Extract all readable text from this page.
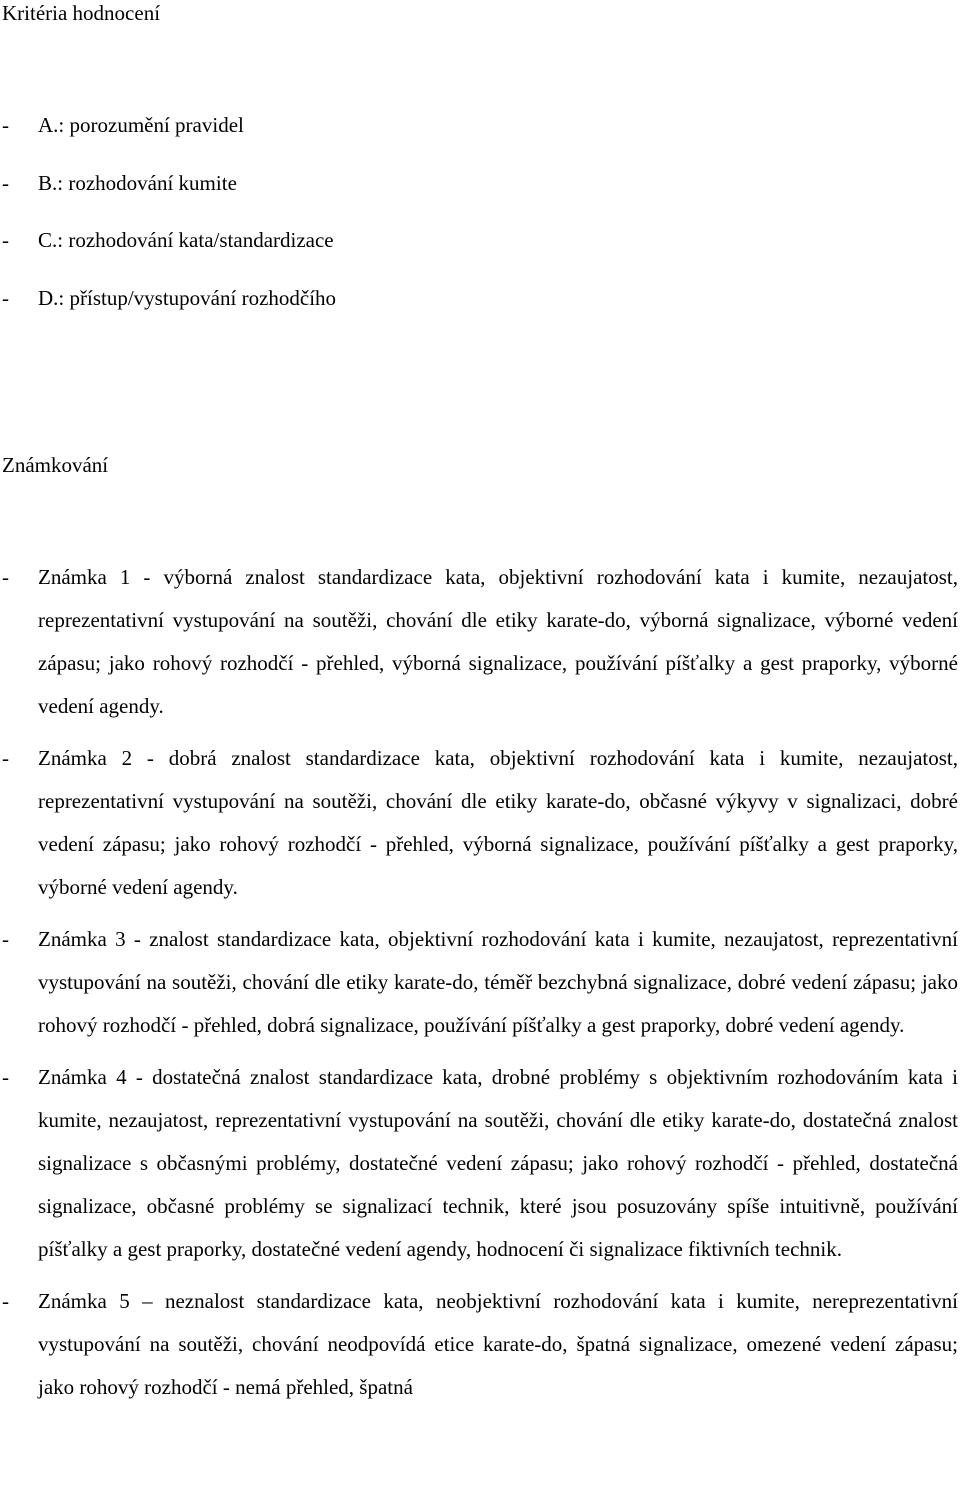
Kritéria hodnocení
-	A.: porozumění pravidel
-	B.: rozhodování kumite
-	C.: rozhodování kata/standardizace
-	D.: přístup/vystupování rozhodčího
Známkování
-	Známka 1 - výborná znalost standardizace kata, objektivní rozhodování kata i kumite, nezaujatost, reprezentativní vystupování na soutěži, chování dle etiky karate-do, výborná signalizace, výborné vedení zápasu; jako rohový rozhodčí - přehled, výborná signalizace, používání píšťalky a gest praporky, výborné vedení agendy.
-	Známka 2 - dobrá znalost standardizace kata, objektivní rozhodování kata i kumite, nezaujatost, reprezentativní vystupování na soutěži, chování dle etiky karate-do, občasné výkyvy v signalizaci, dobré vedení zápasu; jako rohový rozhodčí - přehled, výborná signalizace, používání píšťalky a gest praporky, výborné vedení agendy.
-	Známka 3 - znalost standardizace kata, objektivní rozhodování kata i kumite, nezaujatost, reprezentativní vystupování na soutěži, chování dle etiky karate-do, téměř bezchybná signalizace, dobré vedení zápasu; jako rohový rozhodčí - přehled, dobrá signalizace, používání píšťalky a gest praporky, dobré vedení agendy.
-	Známka 4 - dostatečná znalost standardizace kata, drobné problémy s objektivním rozhodováním kata i kumite, nezaujatost, reprezentativní vystupování na soutěži, chování dle etiky karate-do, dostatečná znalost signalizace s občasnými problémy, dostatečné vedení zápasu; jako rohový rozhodčí - přehled, dostatečná signalizace, občasné problémy se signalizací technik, které jsou posuzovány spíše intuitivně, používání píšťalky a gest praporky, dostatečné vedení agendy, hodnocení či signalizace fiktivních technik.
-	Známka 5 – neznalost standardizace kata, neobjektivní rozhodování kata i kumite, nereprezentativní vystupování na soutěži, chování neodpovídá etice karate-do, špatná signalizace, omezené vedení zápasu; jako rohový rozhodčí - nemá přehled, špatná
